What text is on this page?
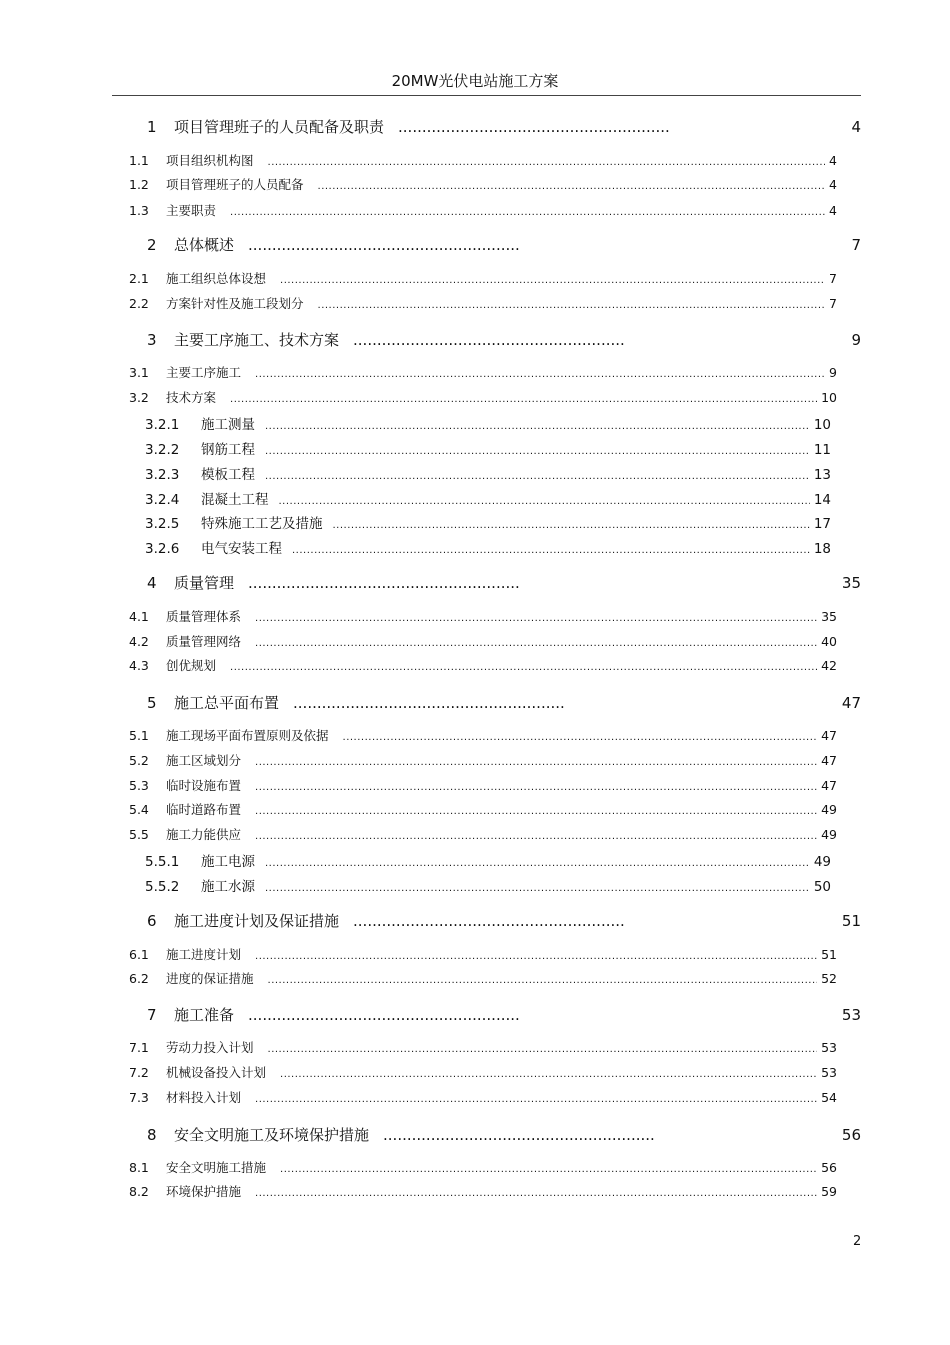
20MW光伏电站施工方案
1	项目管理班子的人员配备及职责 .....	4
1.1	项目组织机构图 .....	4
1.2	项目管理班子的人员配备 .....	4
1.3	主要职责 .....	4
2	总体概述 .....	7
2.1	施工组织总体设想 .....	7
2.2	方案针对性及施工段划分 .....	7
3	主要工序施工、技术方案 .....	9
3.1	主要工序施工 .....	9
3.2	技术方案 .....	10
3.2.1	施工测量 .....	10
3.2.2	钢筋工程 .....	11
3.2.3	模板工程 .....	13
3.2.4	混凝土工程 .....	14
3.2.5	特殊施工工艺及措施 .....	17
3.2.6	电气安装工程 .....	18
4	质量管理 .....	35
4.1	质量管理体系 .....	35
4.2	质量管理网络 .....	40
4.3	创优规划 .....	42
5	施工总平面布置 .....	47
5.1	施工现场平面布置原则及依据 .....	47
5.2	施工区域划分 .....	47
5.3	临时设施布置 .....	47
5.4	临时道路布置 .....	49
5.5	施工力能供应 .....	49
5.5.1	施工电源 .....	49
5.5.2	施工水源 .....	50
6	施工进度计划及保证措施 .....	51
6.1	施工进度计划 .....	51
6.2	进度的保证措施 .....	52
7	施工准备 .....	53
7.1	劳动力投入计划 .....	53
7.2	机械设备投入计划 .....	53
7.3	材料投入计划 .....	54
8	安全文明施工及环境保护措施 .....	56
8.1	安全文明施工措施 .....	56
8.2	环境保护措施 .....	59
2
